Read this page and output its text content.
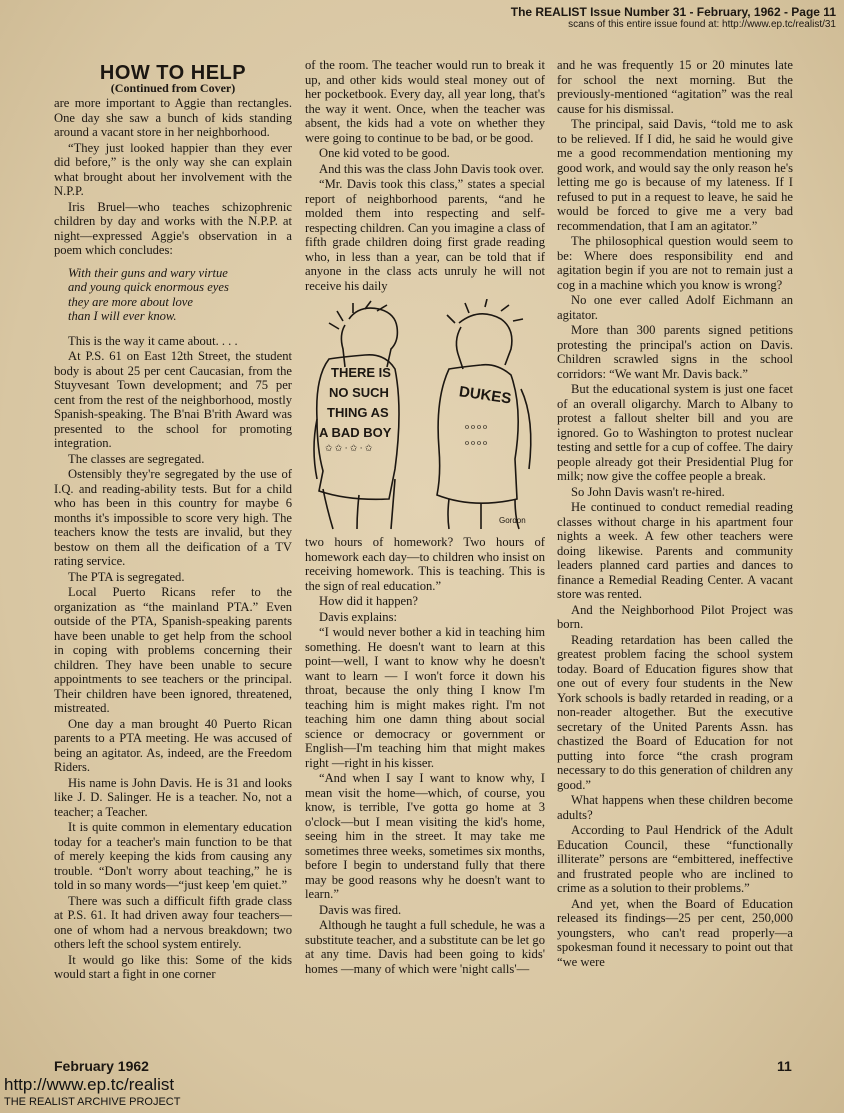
The REALIST Issue Number 31 - February, 1962 - Page 11
scans of this entire issue found at: http://www.ep.tc/realist/31
HOW TO HELP

(Continued from Cover)

are more important to Aggie than rectangles. One day she saw a bunch of kids standing around a vacant store in her neighborhood.

“They just looked happier than they ever did before,” is the only way she can explain what brought about her involvement with the N.P.P.

Iris Bruel—who teaches schizophrenic children by day and works with the N.P.P. at night—expressed Aggie's observation in a poem which concludes:

With their guns and wary virtue
and young quick enormous eyes
they are more about love
than I will ever know.

This is the way it came about. . . .

At P.S. 61 on East 12th Street, the student body is about 25 per cent Caucasian, from the Stuyvesant Town development; and 75 per cent from the rest of the neighborhood, mostly Spanish-speaking. The B'nai B'rith Award was presented to the school for promoting integration.

The classes are segregated.

Ostensibly they're segregated by the use of I.Q. and reading-ability tests. But for a child who has been in this country for maybe 6 months it's impossible to score very high. The teachers know the tests are invalid, but they bestow on them all the deification of a TV rating service.

The PTA is segregated.

Local Puerto Ricans refer to the organization as “the mainland PTA.” Even outside of the PTA, Spanish-speaking parents have been unable to get help from the school in coping with problems concerning their children. They have been unable to secure appointments to see teachers or the principal. Their children have been ignored, threatened, mistreated.

One day a man brought 40 Puerto Rican parents to a PTA meeting. He was accused of being an agitator. As, indeed, are the Freedom Riders.

His name is John Davis. He is 31 and looks like J. D. Salinger. He is a teacher. No, not a teacher; a Teacher.

It is quite common in elementary education today for a teacher's main function to be that of merely keeping the kids from causing any trouble. “Don't worry about teaching,” he is told in so many words—“just keep 'em quiet.”

There was such a difficult fifth grade class at P.S. 61. It had driven away four teachers—one of whom had a nervous breakdown; two others left the school system entirely.

It would go like this: Some of the kids would start a fight in one corner

of the room. The teacher would run to break it up, and other kids would steal money out of her pocketbook. Every day, all year long, that's the way it went. Once, when the teacher was absent, the kids had a vote on whether they were going to continue to be bad, or be good.

One kid voted to be good.

And this was the class John Davis took over.

“Mr. Davis took this class,” states a special report of neighborhood parents, “and he molded them into respecting and self-respecting children. Can you imagine a class of fifth grade children doing first grade reading who, in less than a year, can be told that if anyone in the class acts unruly he will not receive his daily

THERE IS
NO SUCH
THING AS
A BAD BOY
DUKES
Gordon
✩ ✩ · ✩ · ✩
o o o o
o o o o

two hours of homework? Two hours of homework each day—to children who insist on receiving homework. This is teaching. This is the sign of real education.”

How did it happen?

Davis explains:

“I would never bother a kid in teaching him something. He doesn't want to learn at this point—well, I want to know why he doesn't want to learn — I won't force it down his throat, because the only thing I know I'm teaching him is might makes right. I'm not teaching him one damn thing about social science or democracy or government or English—I'm teaching him that might makes right —right in his kisser.

“And when I say I want to know why, I mean visit the home—which, of course, you know, is terrible, I've gotta go home at 3 o'clock—but I mean visiting the kid's home, seeing him in the street. It may take me sometimes three weeks, sometimes six months, before I begin to understand fully that there may be good reasons why he doesn't want to learn.”

Davis was fired.

Although he taught a full schedule, he was a substitute teacher, and a substitute can be let go at any time. Davis had been going to kids' homes —many of which were 'night calls'—

and he was frequently 15 or 20 minutes late for school the next morning. But the previously-mentioned “agitation” was the real cause for his dismissal.

The principal, said Davis, “told me to ask to be relieved. If I did, he said he would give me a good recommendation mentioning my good work, and would say the only reason he's letting me go is because of my lateness. If I refused to put in a request to leave, he said he would be forced to give me a very bad recommendation, that I am an agitator.”

The philosophical question would seem to be: Where does responsibility end and agitation begin if you are not to remain just a cog in a machine which you know is wrong?

No one ever called Adolf Eichmann an agitator.

More than 300 parents signed petitions protesting the principal's action on Davis. Children scrawled signs in the school corridors: “We want Mr. Davis back.”

But the educational system is just one facet of an overall oligarchy. March to Albany to protest a fallout shelter bill and you are ignored. Go to Washington to protest nuclear testing and settle for a cup of coffee. The dairy people already got their Presidential Plug for milk; now give the coffee people a break.

So John Davis wasn't re-hired.

He continued to conduct remedial reading classes without charge in his apartment four nights a week. A few other teachers were doing likewise. Parents and community leaders planned card parties and dances to finance a Remedial Reading Center. A vacant store was rented.

And the Neighborhood Pilot Project was born.

Reading retardation has been called the greatest problem facing the school system today. Board of Education figures show that one out of every four students in the New York schools is badly retarded in reading, or a non-reader altogether. But the executive secretary of the United Parents Assn. has chastized the Board of Education for not putting into force “the crash program necessary to do this generation of children any good.”

What happens when these children become adults?

According to Paul Hendrick of the Adult Education Council, these “functionally illiterate” persons are “embittered, ineffective and frustrated people who are inclined to crime as a solution to their problems.”

And yet, when the Board of Education released its findings—25 per cent, 250,000 youngsters, who can't read properly—a spokesman found it necessary to point out that “we were

February 1962	11
http://www.ep.tc/realist
THE REALIST ARCHIVE PROJECT
